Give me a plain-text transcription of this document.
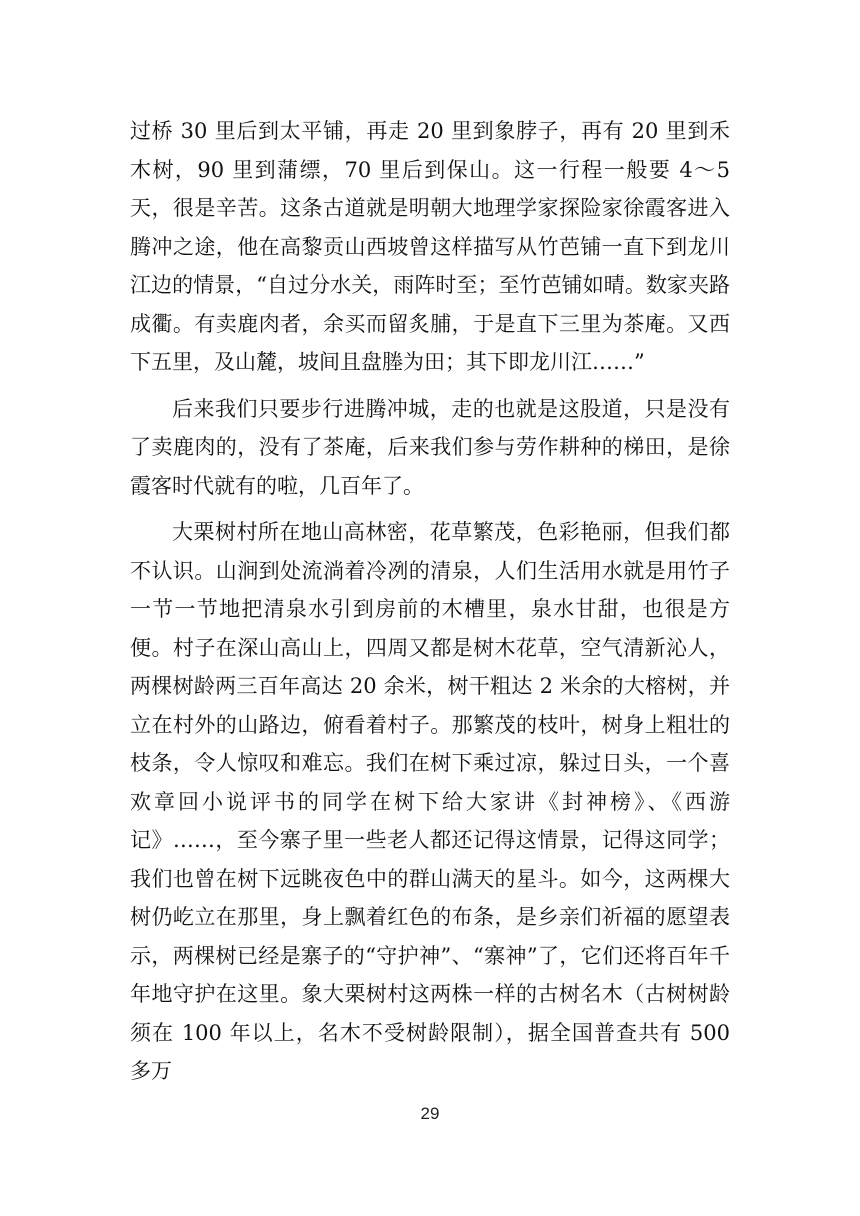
过桥 30 里后到太平铺，再走 20 里到象脖子，再有 20 里到禾木树，90 里到蒲缥，70 里后到保山。这一行程一般要 4～5 天，很是辛苦。这条古道就是明朝大地理学家探险家徐霞客进入腾冲之途，他在高黎贡山西坡曾这样描写从竹芭铺一直下到龙川江边的情景，“自过分水关，雨阵时至；至竹芭铺如晴。数家夹路成衢。有卖鹿肉者，余买而留炙脯，于是直下三里为茶庵。又西下五里，及山麓，坡间且盘塍为田；其下即龙川江……”

后来我们只要步行进腾冲城，走的也就是这股道，只是没有了卖鹿肉的，没有了茶庵，后来我们参与劳作耕种的梯田，是徐霞客时代就有的啦，几百年了。

大栗树村所在地山高林密，花草繁茂，色彩艳丽，但我们都不认识。山涧到处流淌着冷冽的清泉，人们生活用水就是用竹子一节一节地把清泉水引到房前的木槽里，泉水甘甜，也很是方便。村子在深山高山上，四周又都是树木花草，空气清新沁人，两棵树龄两三百年高达 20 余米，树干粗达 2 米余的大榕树，并立在村外的山路边，俯看着村子。那繁茂的枝叶，树身上粗壮的枝条，令人惊叹和难忘。我们在树下乘过凉，躲过日头，一个喜欢章回小说评书的同学在树下给大家讲《封神榜》、《西游记》……，至今寨子里一些老人都还记得这情景，记得这同学；我们也曾在树下远眺夜色中的群山满天的星斗。如今，这两棵大树仍屹立在那里，身上飘着红色的布条，是乡亲们祈福的愿望表示，两棵树已经是寨子的“守护神”、“寨神”了，它们还将百年千年地守护在这里。象大栗树村这两株一样的古树名木（古树树龄须在 100 年以上，名木不受树龄限制），据全国普查共有 500 多万

29
